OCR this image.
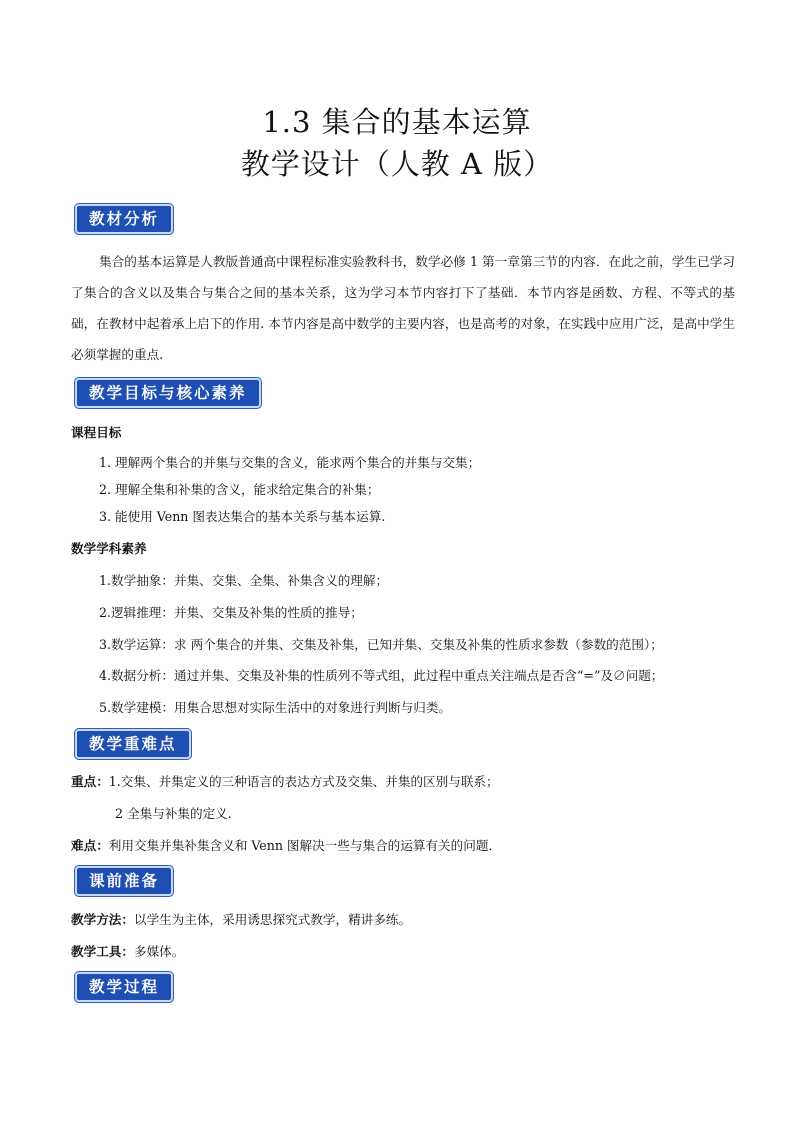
1.3 集合的基本运算
教学设计（人教 A 版）
教材分析
集合的基本运算是人教版普通高中课程标准实验教科书，数学必修 1 第一章第三节的内容．在此之前，学生已学习了集合的含义以及集合与集合之间的基本关系，这为学习本节内容打下了基础．本节内容是函数、方程、不等式的基础，在教材中起着承上启下的作用. 本节内容是高中数学的主要内容，也是高考的对象，在实践中应用广泛，是高中学生必须掌握的重点.
教学目标与核心素养
课程目标
1. 理解两个集合的并集与交集的含义，能求两个集合的并集与交集；
2. 理解全集和补集的含义，能求给定集合的补集；
3. 能使用 Venn 图表达集合的基本关系与基本运算.
数学学科素养
1.数学抽象：并集、交集、全集、补集含义的理解；
2.逻辑推理：并集、交集及补集的性质的推导；
3.数学运算：求 两个集合的并集、交集及补集，已知并集、交集及补集的性质求参数（参数的范围）；
4.数据分析：通过并集、交集及补集的性质列不等式组，此过程中重点关注端点是否含“=”及∅问题；
5.数学建模：用集合思想对实际生活中的对象进行判断与归类。
教学重难点
重点：1.交集、并集定义的三种语言的表达方式及交集、并集的区别与联系；
2 全集与补集的定义.
难点：利用交集并集补集含义和 Venn 图解决一些与集合的运算有关的问题．
课前准备
教学方法：以学生为主体，采用诱思探究式教学，精讲多练。
教学工具：多媒体。
教学过程
